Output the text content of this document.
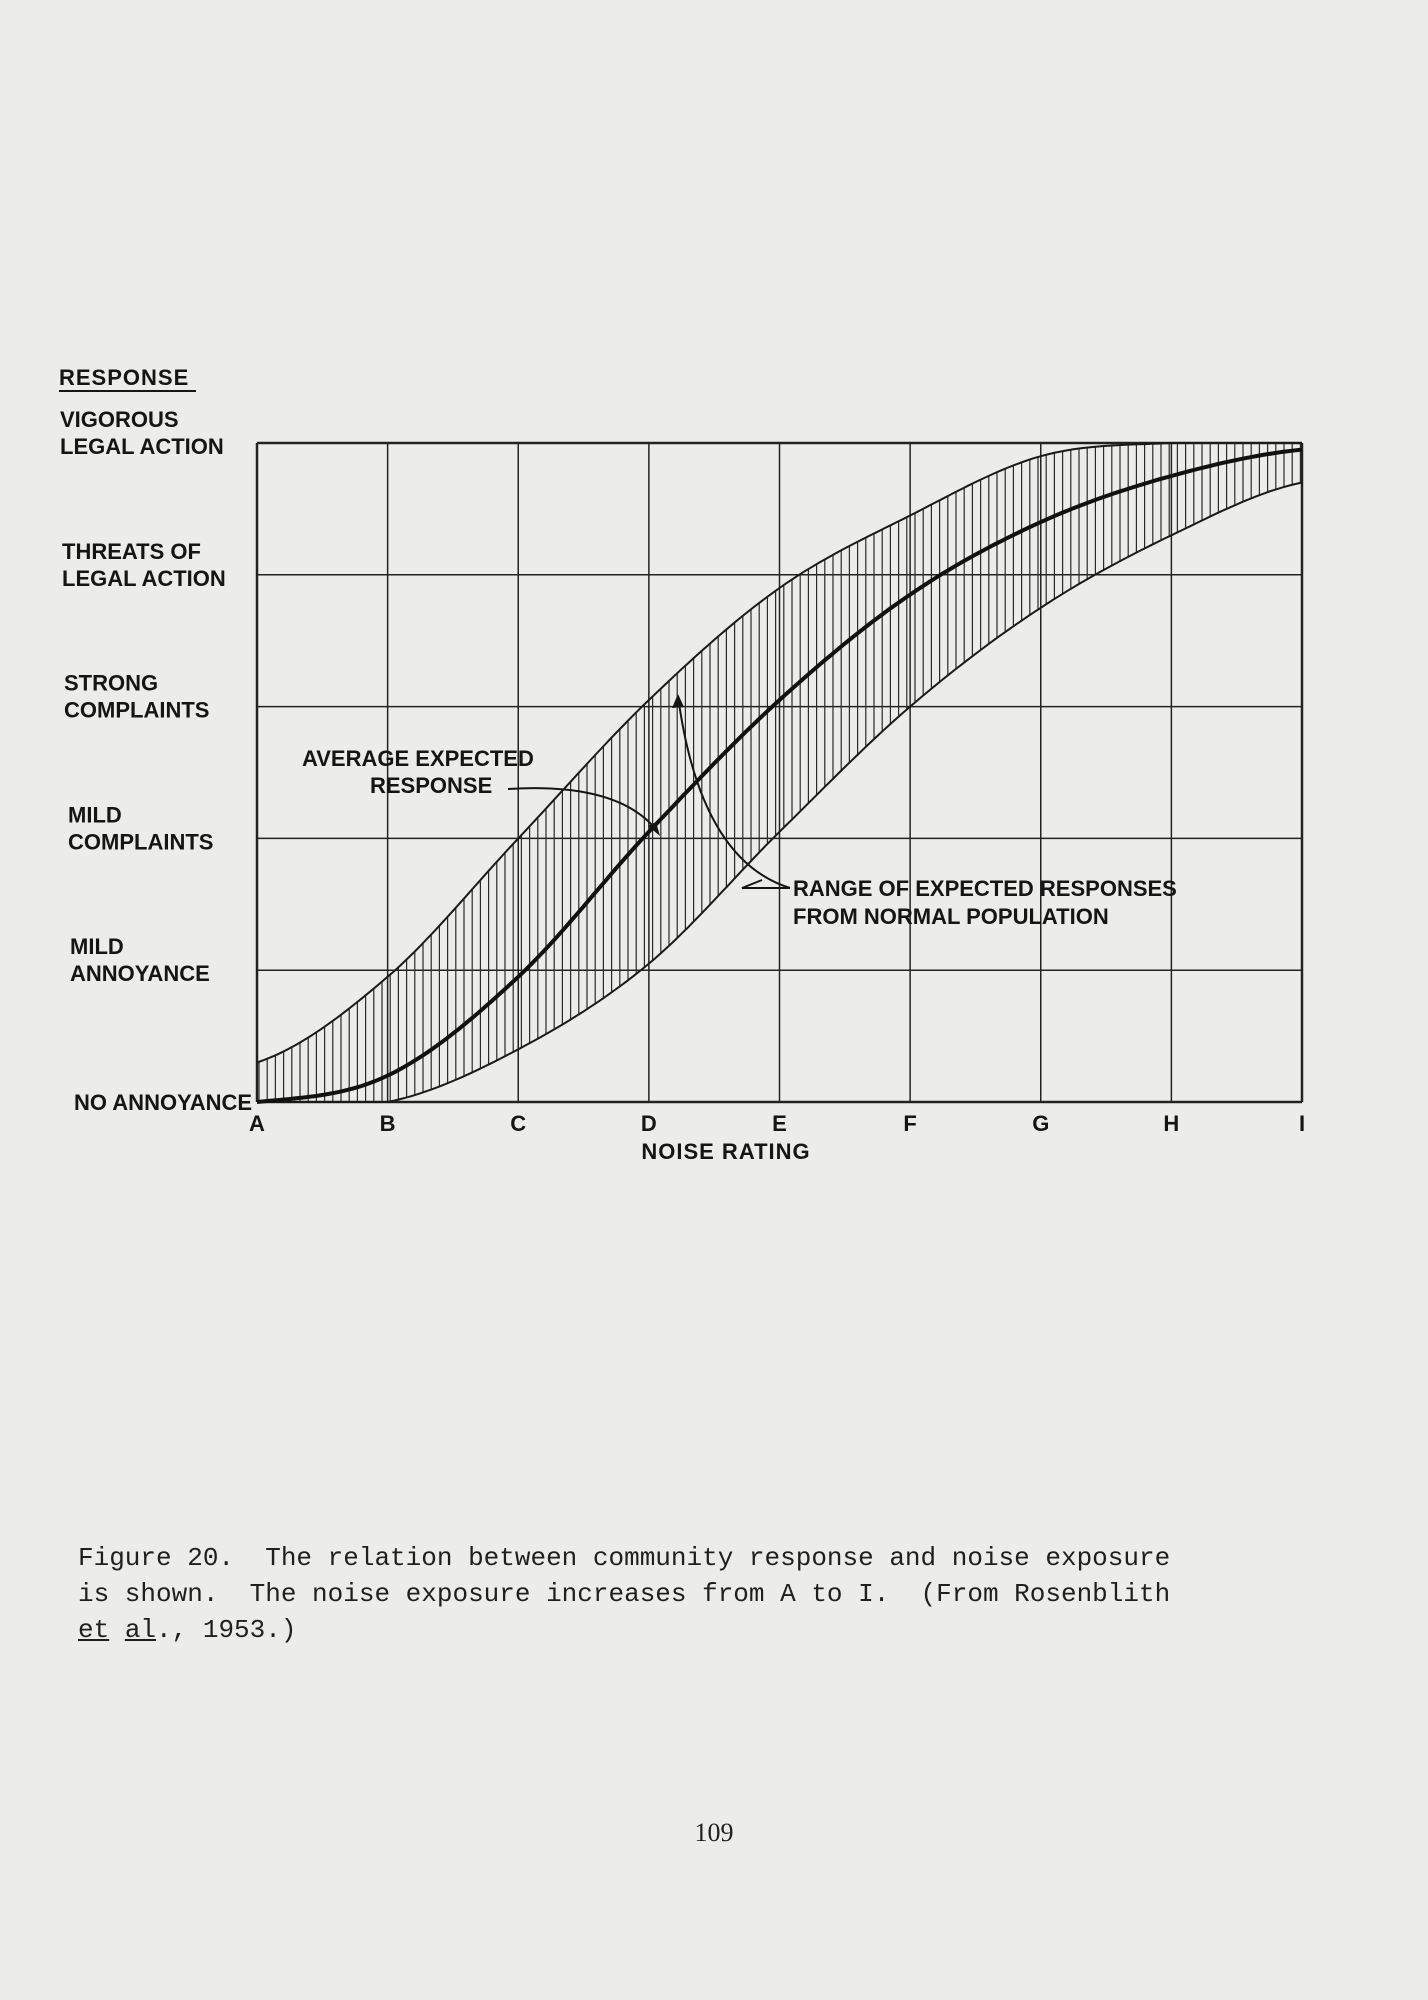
RESPONSE
NO ANNOYANCE
MILD
ANNOYANCE
MILD
COMPLAINTS
STRONG
COMPLAINTS
THREATS OF
LEGAL ACTION
VIGOROUS
LEGAL ACTION
A	B	C	D	E	F	G	H	I
NOISE RATING
AVERAGE EXPECTED
RESPONSE
RANGE OF EXPECTED RESPONSES
FROM NORMAL POPULATION
Figure 20.  The relation between community response and noise exposure
is shown.  The noise exposure increases from A to I.  (From Rosenblith
et al., 1953.)
109
